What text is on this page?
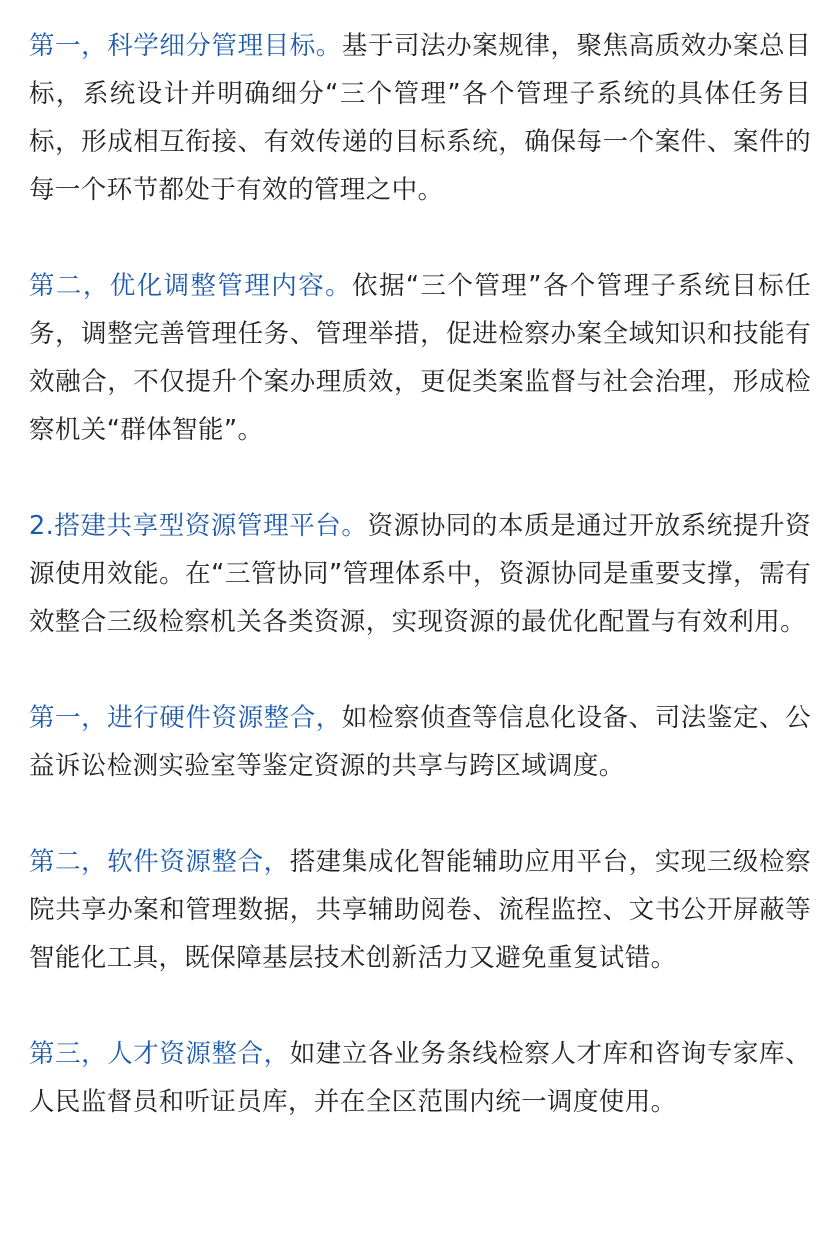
第一，科学细分管理目标。基于司法办案规律，聚焦高质效办案总目标，系统设计并明确细分“三个管理”各个管理子系统的具体任务目标，形成相互衔接、有效传递的目标系统，确保每一个案件、案件的每一个环节都处于有效的管理之中。

第二，优化调整管理内容。依据“三个管理”各个管理子系统目标任务，调整完善管理任务、管理举措，促进检察办案全域知识和技能有效融合，不仅提升个案办理质效，更促类案监督与社会治理，形成检察机关“群体智能”。

2.搭建共享型资源管理平台。资源协同的本质是通过开放系统提升资源使用效能。在“三管协同”管理体系中，资源协同是重要支撑，需有效整合三级检察机关各类资源，实现资源的最优化配置与有效利用。

第一，进行硬件资源整合，如检察侦查等信息化设备、司法鉴定、公益诉讼检测实验室等鉴定资源的共享与跨区域调度。

第二，软件资源整合，搭建集成化智能辅助应用平台，实现三级检察院共享办案和管理数据，共享辅助阅卷、流程监控、文书公开屏蔽等智能化工具，既保障基层技术创新活力又避免重复试错。

第三，人才资源整合，如建立各业务条线检察人才库和咨询专家库、人民监督员和听证员库，并在全区范围内统一调度使用。
